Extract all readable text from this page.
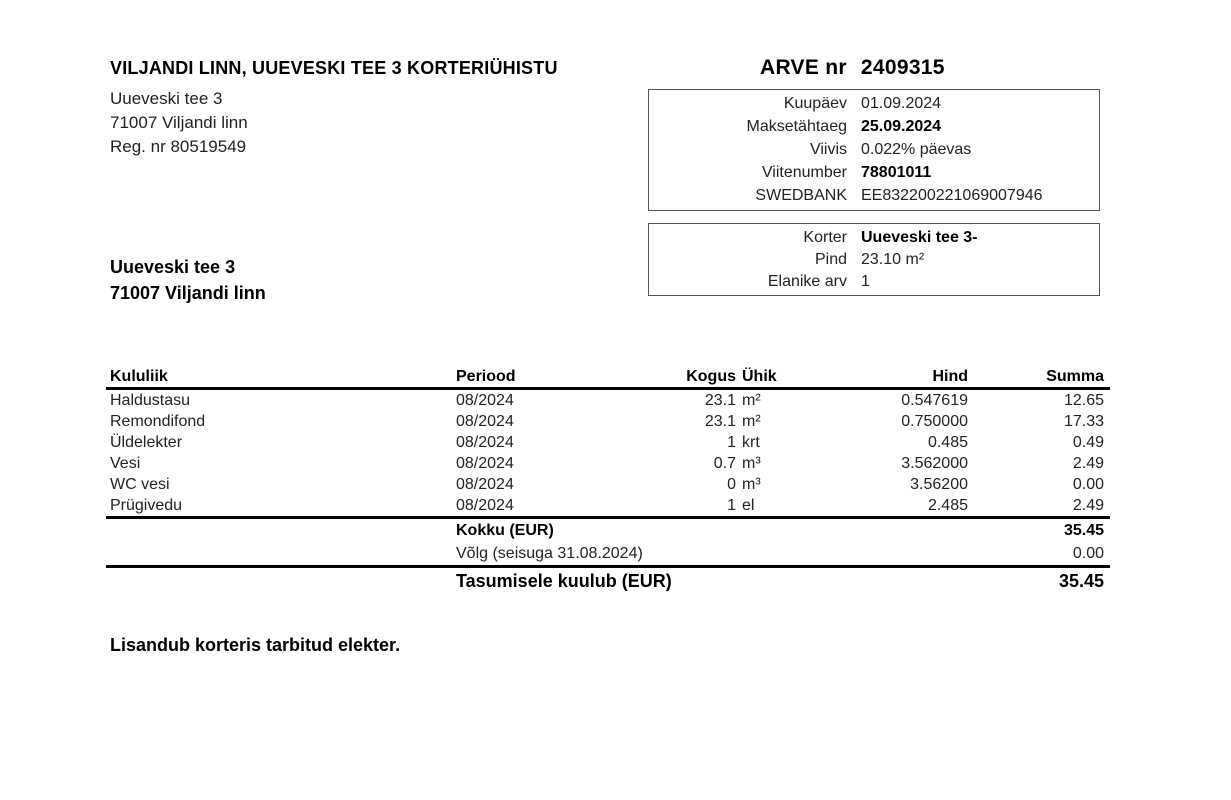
VILJANDI LINN, UUEVESKI TEE 3 KORTERIÜHISTU
Uueveski tee 3
71007 Viljandi linn
Reg. nr 80519549
ARVE nr 2409315
Kuupäev 01.09.2024
Maksetähtaeg 25.09.2024
Viivis 0.022% päevas
Viitenumber 78801011
SWEDBANK EE832200221069007946
Korter Uueveski tee 3-
Pind 23.10 m²
Elanike arv 1
Uueveski tee 3
71007 Viljandi linn
Kululiik	Periood	Kogus Ühik	Hind	Summa
Haldustasu	08/2024	23.1 m²	0.547619	12.65
Remondifond	08/2024	23.1 m²	0.750000	17.33
Üldelekter	08/2024	1 krt	0.485	0.49
Vesi	08/2024	0.7 m³	3.562000	2.49
WC vesi	08/2024	0 m³	3.56200	0.00
Prügivedu	08/2024	1 el	2.485	2.49
Kokku (EUR)	35.45
Võlg (seisuga 31.08.2024)	0.00
Tasumisele kuulub (EUR)	35.45
Lisandub korteris tarbitud elekter.
